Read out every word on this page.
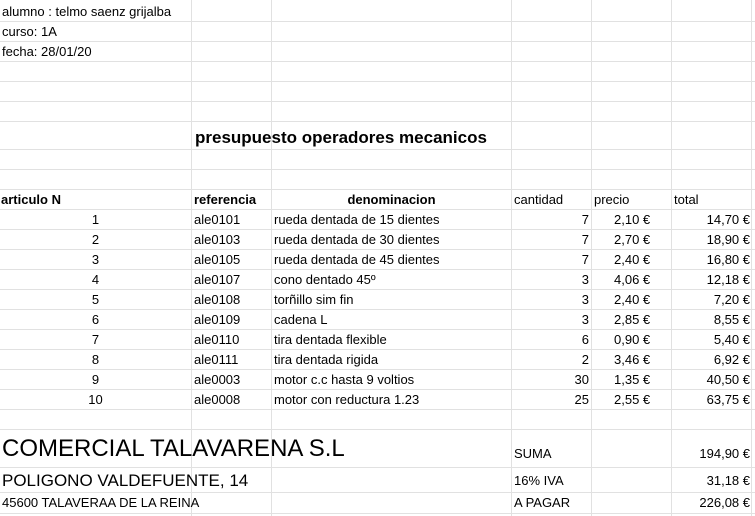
alumno : telmo saenz grijalba
curso: 1A
fecha: 28/01/20
presupuesto operadores mecanicos
articulo N	referencia	denominacion	cantidad precio	total
1	ale0101	rueda dentada de 15 dientes	7 2,10 €	14,70 €
2	ale0103	rueda dentada de 30 dientes	7 2,70 €	18,90 €
3	ale0105	rueda dentada de 45 dientes	7 2,40 €	16,80 €
4	ale0107	cono dentado 45º	3 4,06 €	12,18 €
5	ale0108	torñillo sim fin	3 2,40 €	7,20 €
6	ale0109	cadena L	3 2,85 €	8,55 €
7	ale0110	tira dentada flexible	6 0,90 €	5,40 €
8	ale0111	tira dentada rigida	2 3,46 €	6,92 €
9	ale0003	motor c.c hasta 9 voltios	30 1,35 €	40,50 €
10	ale0008	motor con reductura 1.23	25 2,55 €	63,75 €
COMERCIAL TALAVARENA S.L
POLIGONO VALDEFUENTE, 14
45600 TALAVERAA DE LA REINA
SUMA	194,90 €
16% IVA	31,18 €
A PAGAR	226,08 €
